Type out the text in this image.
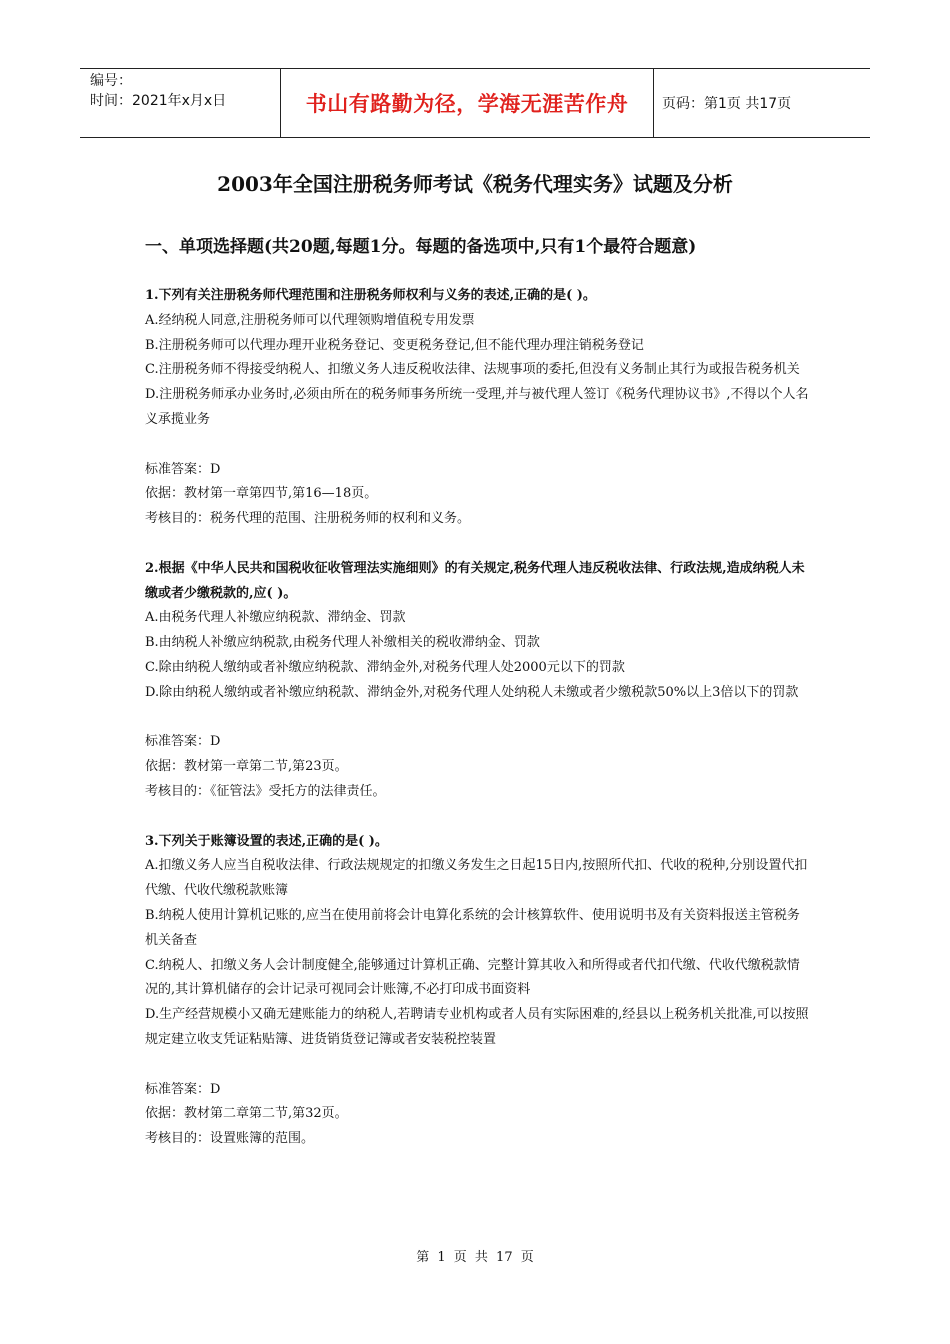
编号：
时间：2021年x月x日	书山有路勤为径，学海无涯苦作舟 页码：第1页 共17页
2003年全国注册税务师考试《税务代理实务》试题及分析
一、单项选择题(共20题,每题1分。每题的备选项中,只有1个最符合题意)

1.下列有关注册税务师代理范围和注册税务师权利与义务的表述,正确的是( )。

A.经纳税人同意,注册税务师可以代理领购增值税专用发票

B.注册税务师可以代理办理开业税务登记、变更税务登记,但不能代理办理注销税务登记

C.注册税务师不得接受纳税人、扣缴义务人违反税收法律、法规事项的委托,但没有义务制止其行为或报告税务机关

D.注册税务师承办业务时,必须由所在的税务师事务所统一受理,并与被代理人签订《税务代理协议书》,不得以个人名义承揽业务

标准答案：D

依据：教材第一章第四节,第16—18页。

考核目的：税务代理的范围、注册税务师的权利和义务。

2.根据《中华人民共和国税收征收管理法实施细则》的有关规定,税务代理人违反税收法律、行政法规,造成纳税人未缴或者少缴税款的,应( )。

A.由税务代理人补缴应纳税款、滞纳金、罚款

B.由纳税人补缴应纳税款,由税务代理人补缴相关的税收滞纳金、罚款

C.除由纳税人缴纳或者补缴应纳税款、滞纳金外,对税务代理人处2000元以下的罚款

D.除由纳税人缴纳或者补缴应纳税款、滞纳金外,对税务代理人处纳税人未缴或者少缴税款50%以上3倍以下的罚款

标准答案：D

依据：教材第一章第二节,第23页。

考核目的：《征管法》受托方的法律责任。

3.下列关于账簿设置的表述,正确的是( )。

A.扣缴义务人应当自税收法律、行政法规规定的扣缴义务发生之日起15日内,按照所代扣、代收的税种,分别设置代扣代缴、代收代缴税款账簿

B.纳税人使用计算机记账的,应当在使用前将会计电算化系统的会计核算软件、使用说明书及有关资料报送主管税务机关备查

C.纳税人、扣缴义务人会计制度健全,能够通过计算机正确、完整计算其收入和所得或者代扣代缴、代收代缴税款情况的,其计算机储存的会计记录可视同会计账簿,不必打印成书面资料

D.生产经营规模小又确无建账能力的纳税人,若聘请专业机构或者人员有实际困难的,经县以上税务机关批准,可以按照规定建立收支凭证粘贴簿、进货销货登记簿或者安装税控装置

标准答案：D

依据：教材第二章第二节,第32页。

考核目的：设置账簿的范围。

第 1 页 共 17 页
